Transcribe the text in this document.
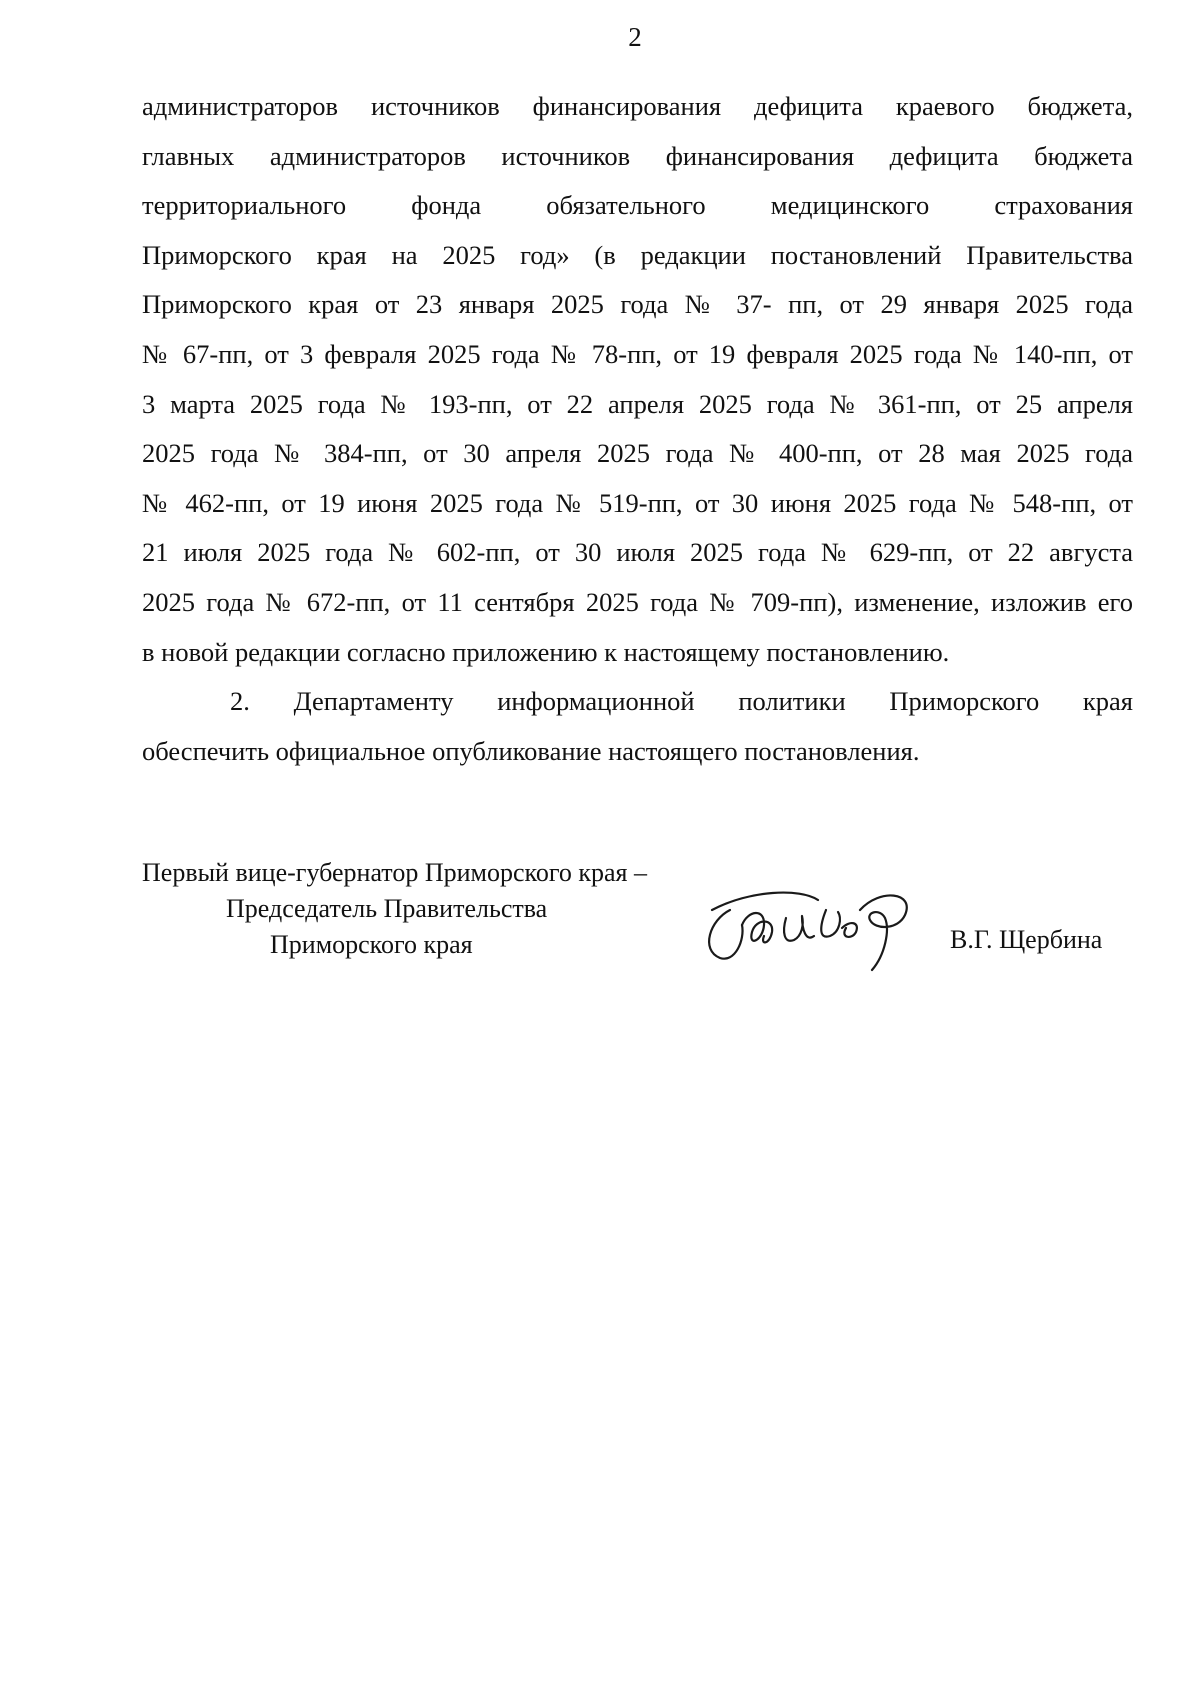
2
администраторов источников финансирования дефицита краевого бюджета,
главных администраторов источников финансирования дефицита бюджета
территориального фонда обязательного медицинского страхования
Приморского края на 2025 год» (в редакции постановлений Правительства
Приморского края от 23 января 2025 года № 37- пп, от 29 января 2025 года
№ 67-пп, от 3 февраля 2025 года № 78-пп, от 19 февраля 2025 года № 140-пп, от
3 марта 2025 года № 193-пп, от 22 апреля 2025 года № 361-пп, от 25 апреля
2025 года № 384-пп, от 30 апреля 2025 года № 400-пп, от 28 мая 2025 года
№ 462-пп, от 19 июня 2025 года № 519-пп, от 30 июня 2025 года № 548-пп, от
21 июля 2025 года № 602-пп, от 30 июля 2025 года № 629-пп, от 22 августа
2025 года № 672-пп, от 11 сентября 2025 года № 709-пп), изменение, изложив его
в новой редакции согласно приложению к настоящему постановлению.
2. Департаменту информационной политики Приморского края
обеспечить официальное опубликование настоящего постановления.
Первый вице-губернатор Приморского края –
Председатель Правительства
Приморского края	В.Г. Щербина
